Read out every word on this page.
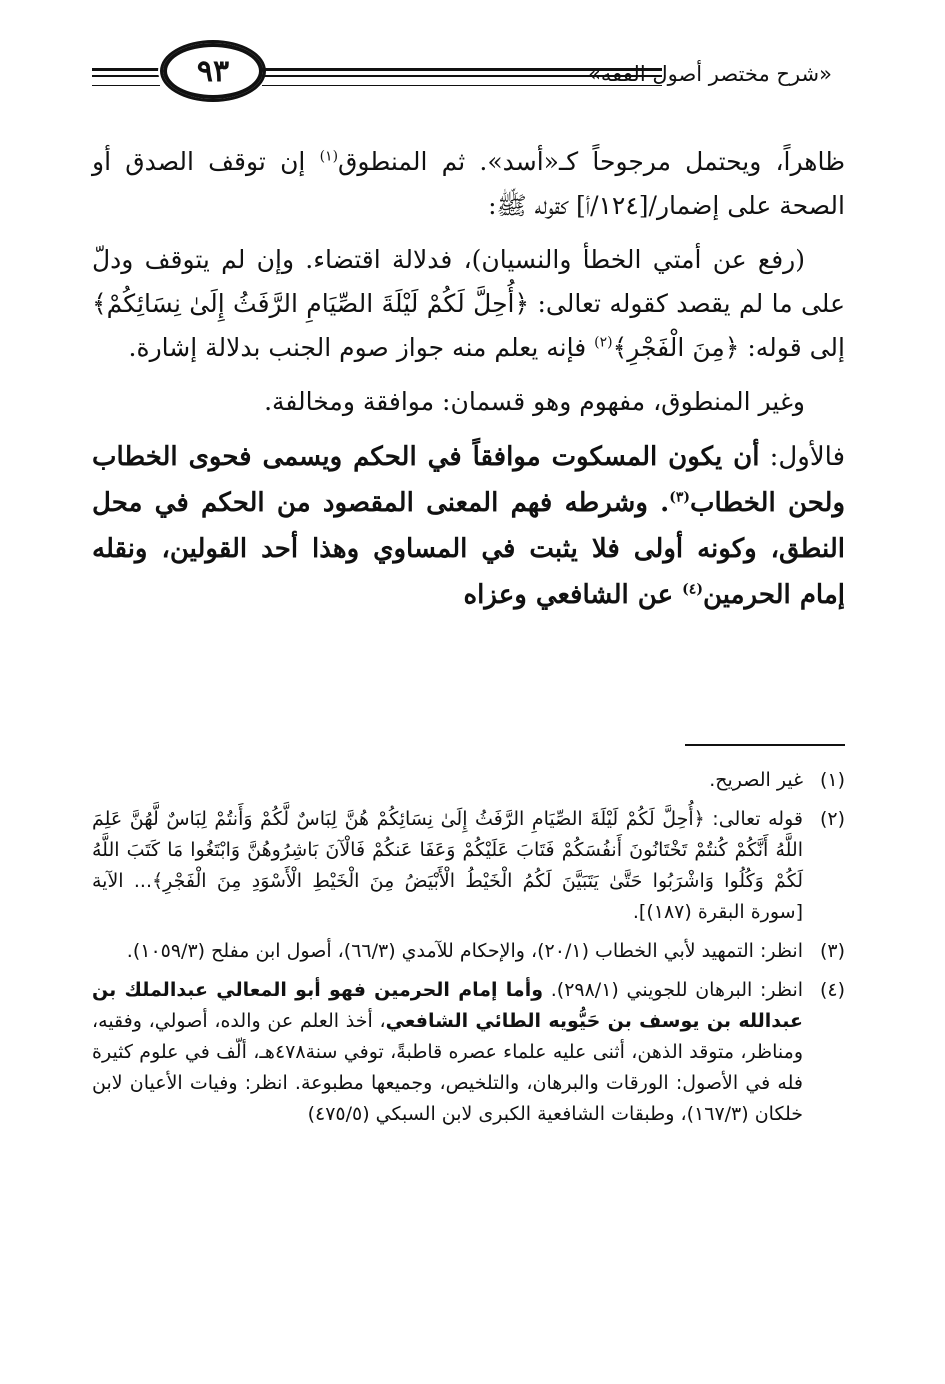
٩٣	«شرح مختصر أصول الفقه»

ظاهراً، ويحتمل مرجوحاً كـ«أسد». ثم المنطوق$^{(١)}$ إن توقف الصدق أو الصحة على إضمار/[١٢٤/أ] كقوله ﷺ:

(رفع عن أمتي الخطأ والنسيان)، فدلالة اقتضاء. وإن لم يتوقف ودلّ على ما لم يقصد كقوله تعالى: ﴿أُحِلَّ لَكُمْ لَيْلَةَ الصِّيَامِ الرَّفَثُ إِلَىٰ نِسَائِكُمْ﴾ إلى قوله: ﴿مِنَ الْفَجْرِ﴾$^{(٢)}$ فإنه يعلم منه جواز صوم الجنب بدلالة إشارة.

وغير المنطوق، مفهوم وهو قسمان: موافقة ومخالفة.

فالأول: أن يكون المسكوت موافقاً في الحكم ويسمى فحوى الخطاب ولحن الخطاب$^{(٣)}$. وشرطه فهم المعنى المقصود من الحكم في محل النطق، وكونه أولى فلا يثبت في المساوي وهذا أحد القولين، ونقله إمام الحرمين$^{(٤)}$ عن الشافعي وعزاه

(١)
غير الصريح.
(٢)
قوله تعالى: ﴿أُحِلَّ لَكُمْ لَيْلَةَ الصِّيَامِ الرَّفَثُ إِلَىٰ نِسَائِكُمْ هُنَّ لِبَاسٌ لَّكُمْ وَأَنتُمْ لِبَاسٌ لَّهُنَّ عَلِمَ اللَّهُ أَنَّكُمْ كُنتُمْ تَخْتَانُونَ أَنفُسَكُمْ فَتَابَ عَلَيْكُمْ وَعَفَا عَنكُمْ فَالْآنَ بَاشِرُوهُنَّ وَابْتَغُوا مَا كَتَبَ اللَّهُ لَكُمْ وَكُلُوا وَاشْرَبُوا حَتَّىٰ يَتَبَيَّنَ لَكُمُ الْخَيْطُ الْأَبْيَضُ مِنَ الْخَيْطِ الْأَسْوَدِ مِنَ الْفَجْرِ﴾... الآية [سورة البقرة (١٨٧)].
(٣)
انظر: التمهيد لأبي الخطاب (٢٠/١)، والإحكام للآمدي (٦٦/٣)، أصول ابن مفلح (١٠٥٩/٣).
(٤)
انظر: البرهان للجويني (٢٩٨/١). وأما إمام الحرمين فهو أبو المعالي عبدالملك بن عبدالله بن يوسف بن حَيُّويه الطائي الشافعي، أخذ العلم عن والده، أصولي، وفقيه، ومناظر، متوقد الذهن، أثنى عليه علماء عصره قاطبةً، توفي سنة٤٧٨هـ، ألّف في علوم كثيرة فله في الأصول: الورقات والبرهان، والتلخيص، وجميعها مطبوعة. انظر: وفيات الأعيان لابن خلكان (١٦٧/٣)، وطبقات الشافعية الكبرى لابن السبكي (٤٧٥/٥)
